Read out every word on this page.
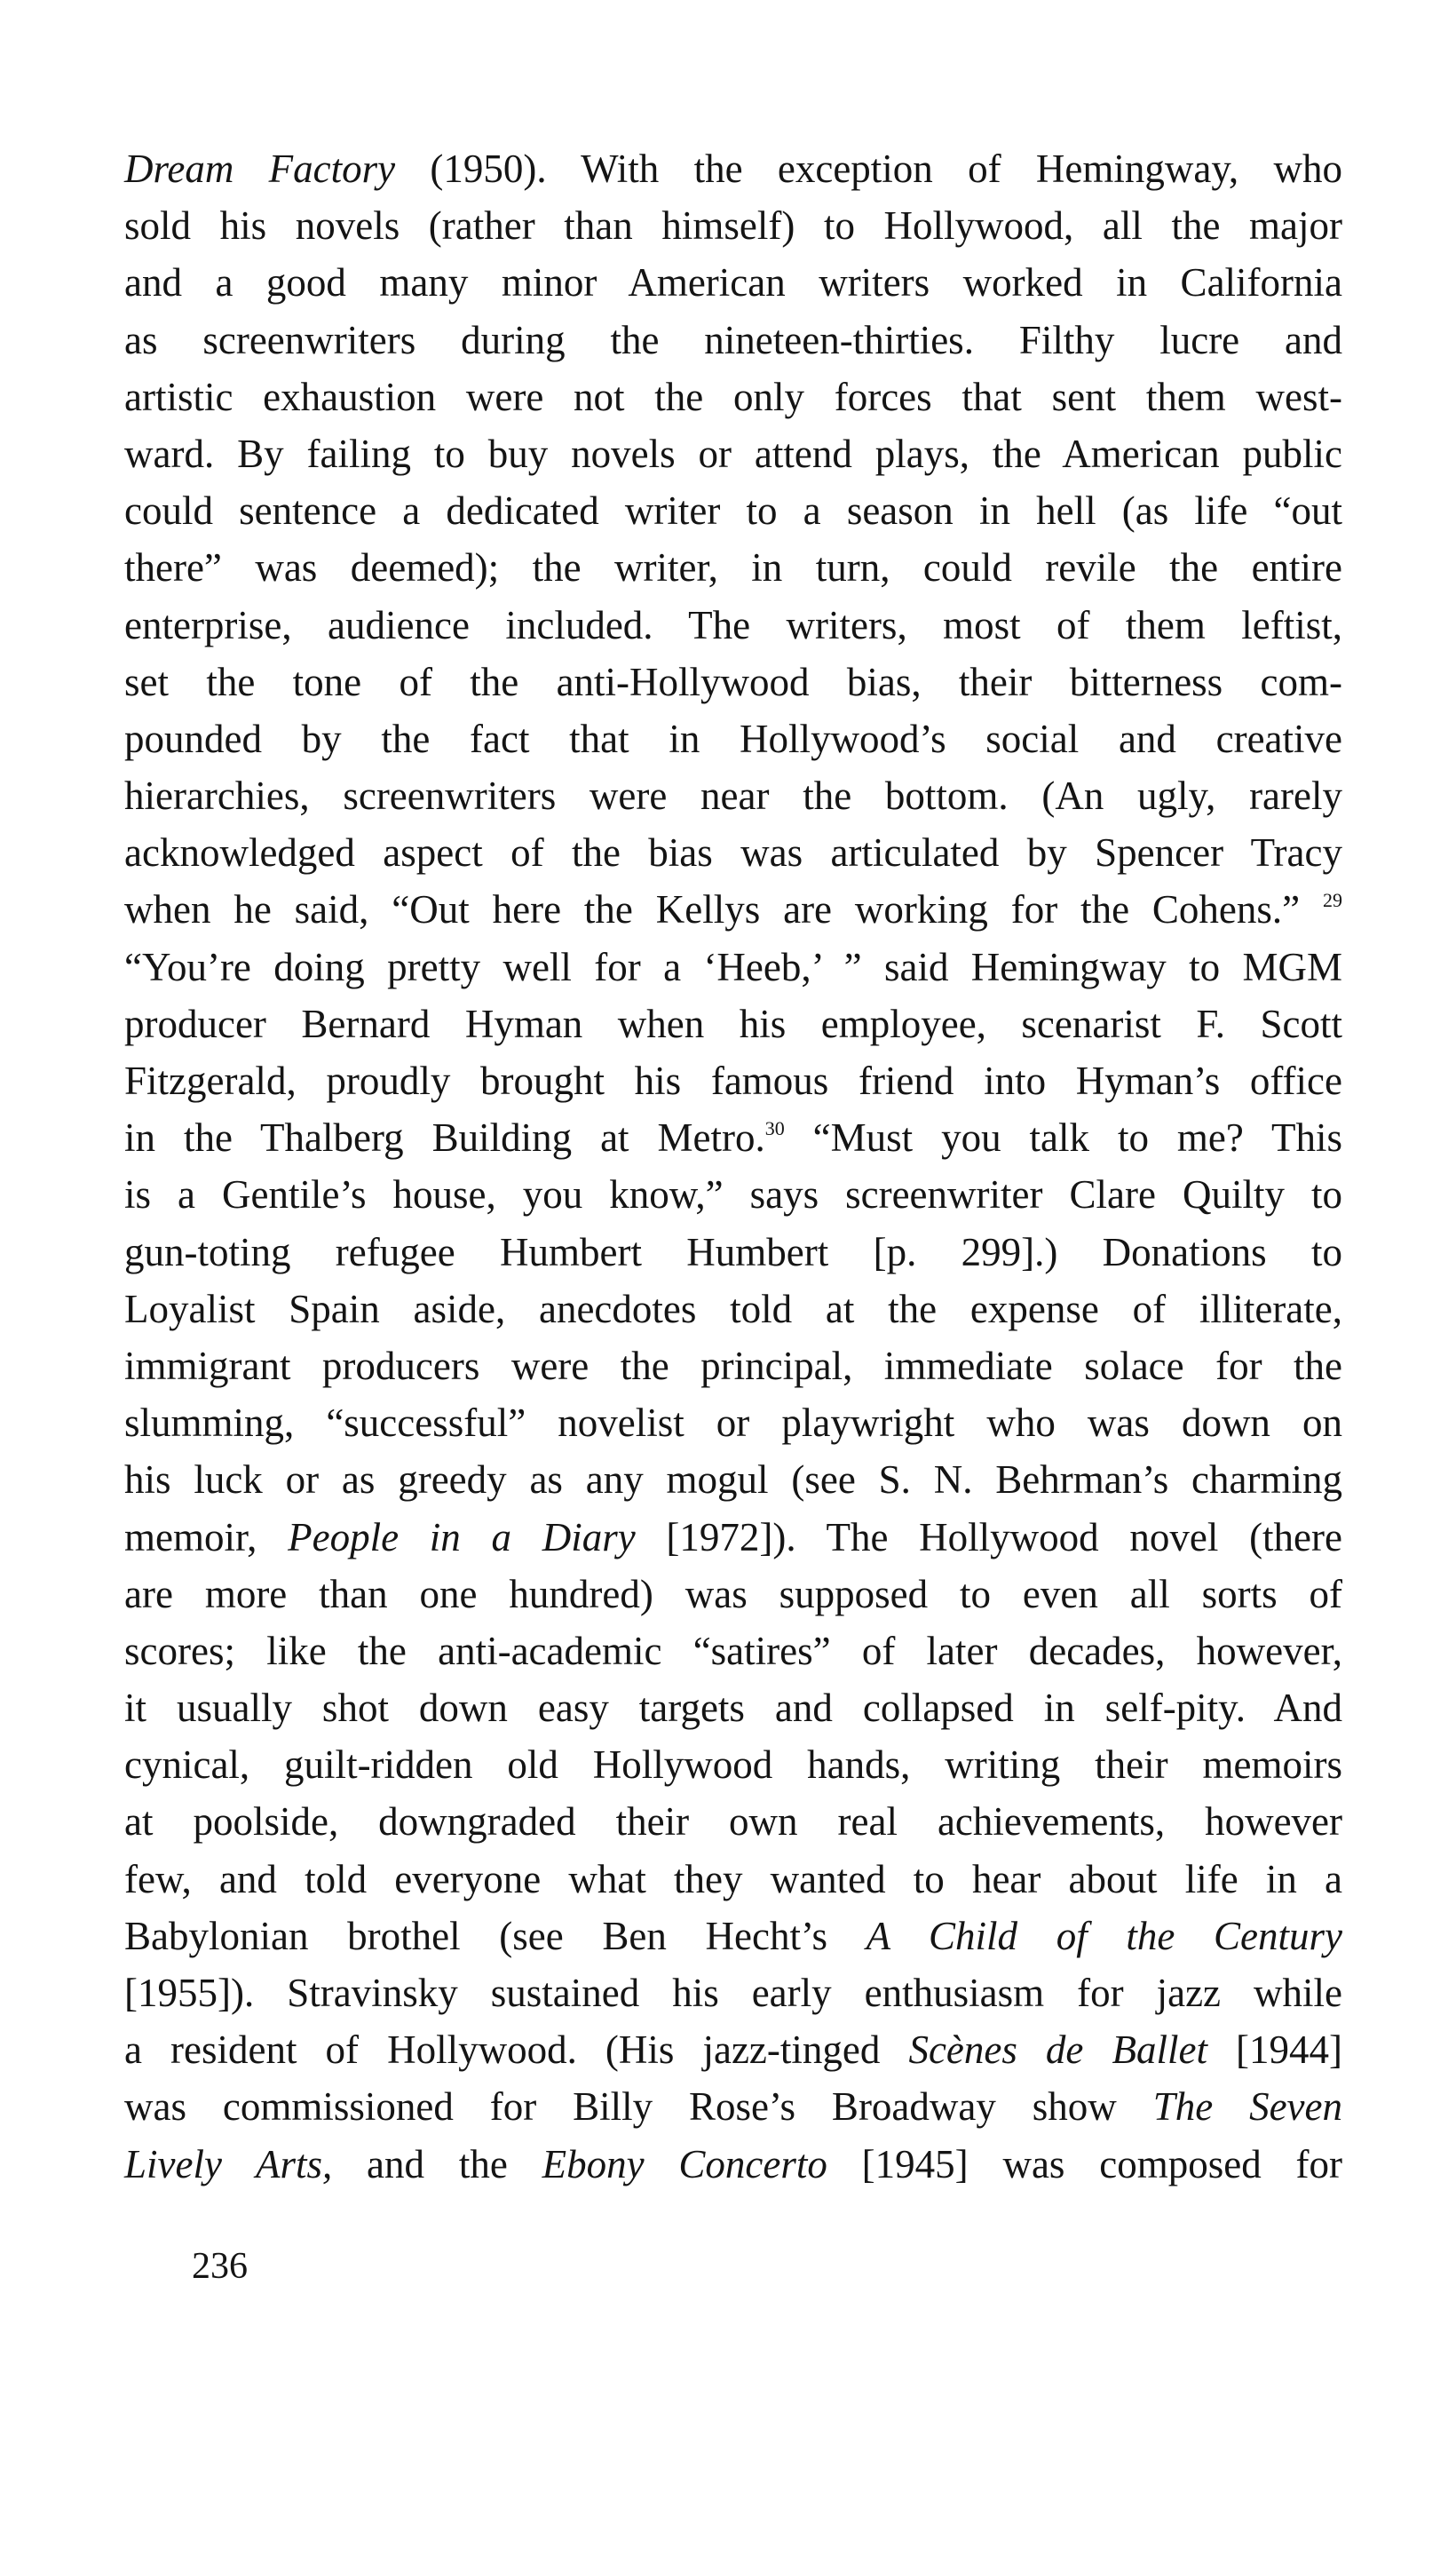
Dream Factory (1950). With the exception of Hemingway, who
sold his novels (rather than himself) to Hollywood, all the major
and a good many minor American writers worked in California
as screenwriters during the nineteen-thirties. Filthy lucre and
artistic exhaustion were not the only forces that sent them west-
ward. By failing to buy novels or attend plays, the American public
could sentence a dedicated writer to a season in hell (as life “out
there” was deemed); the writer, in turn, could revile the entire
enterprise, audience included. The writers, most of them leftist,
set the tone of the anti-Hollywood bias, their bitterness com-
pounded by the fact that in Hollywood’s social and creative
hierarchies, screenwriters were near the bottom. (An ugly, rarely
acknowledged aspect of the bias was articulated by Spencer Tracy
when he said, “Out here the Kellys are working for the Cohens.” $^{29}$
“You’re doing pretty well for a ‘Heeb,’ ” said Hemingway to MGM
producer Bernard Hyman when his employee, scenarist F. Scott
Fitzgerald, proudly brought his famous friend into Hyman’s office
in the Thalberg Building at Metro.$^{30}$ “Must you talk to me? This
is a Gentile’s house, you know,” says screenwriter Clare Quilty to
gun-toting refugee Humbert Humbert [p. 299].) Donations to
Loyalist Spain aside, anecdotes told at the expense of illiterate,
immigrant producers were the principal, immediate solace for the
slumming, “successful” novelist or playwright who was down on
his luck or as greedy as any mogul (see S. N. Behrman’s charming
memoir, People in a Diary [1972]). The Hollywood novel (there
are more than one hundred) was supposed to even all sorts of
scores; like the anti-academic “satires” of later decades, however,
it usually shot down easy targets and collapsed in self-pity. And
cynical, guilt-ridden old Hollywood hands, writing their memoirs
at poolside, downgraded their own real achievements, however
few, and told everyone what they wanted to hear about life in a
Babylonian brothel (see Ben Hecht’s A Child of the Century
[1955]). Stravinsky sustained his early enthusiasm for jazz while
a resident of Hollywood. (His jazz-tinged Scènes de Ballet [1944]
was commissioned for Billy Rose’s Broadway show The Seven
Lively Arts, and the Ebony Concerto [1945] was composed for
236
